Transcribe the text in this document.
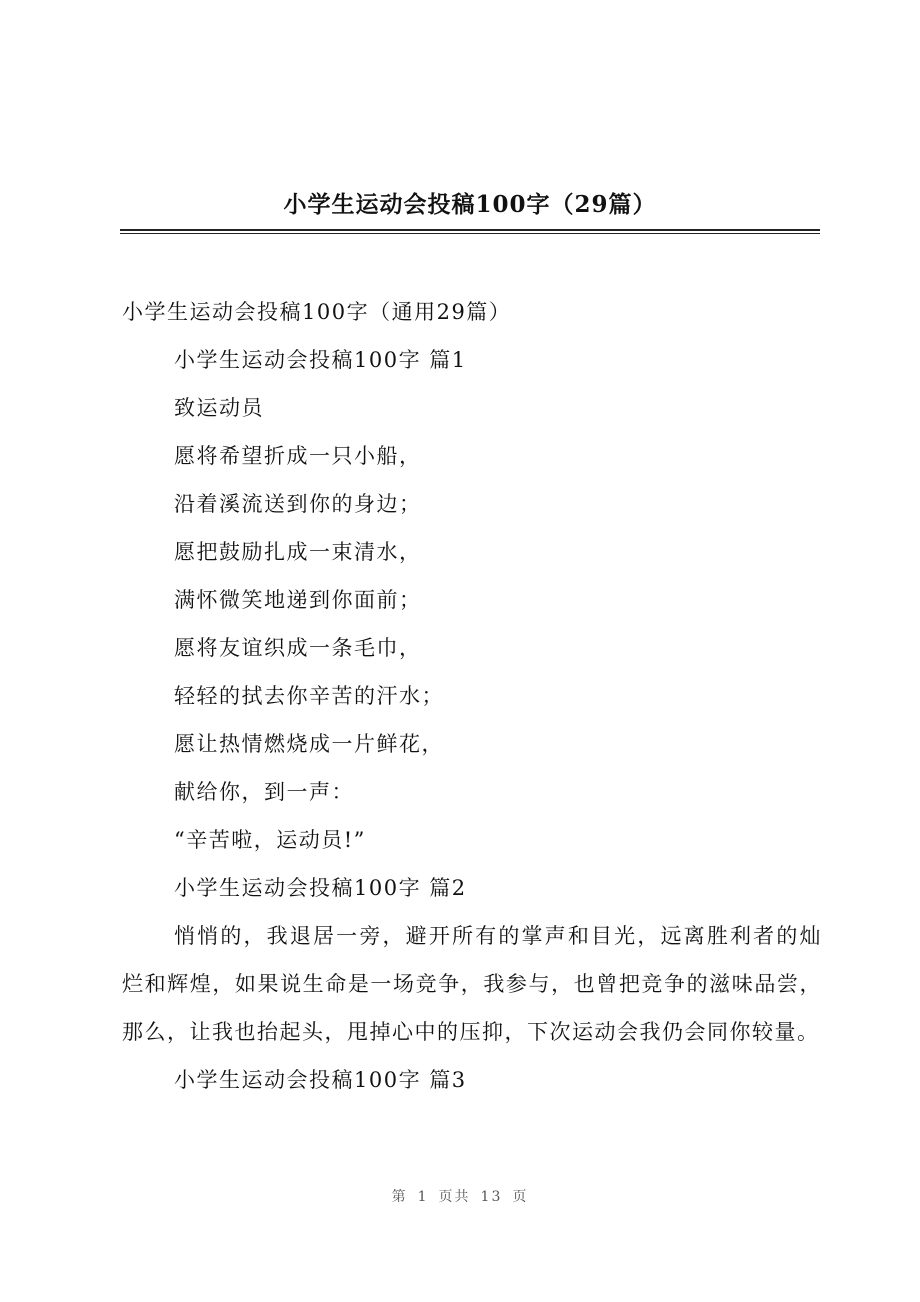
小学生运动会投稿100字（29篇）

小学生运动会投稿100字（通用29篇）

小学生运动会投稿100字 篇1

致运动员

愿将希望折成一只小船，

沿着溪流送到你的身边；

愿把鼓励扎成一束清水，

满怀微笑地递到你面前；

愿将友谊织成一条毛巾，

轻轻的拭去你辛苦的汗水；

愿让热情燃烧成一片鲜花，

献给你，到一声：

“辛苦啦，运动员!”

小学生运动会投稿100字 篇2

悄悄的，我退居一旁，避开所有的掌声和目光，远离胜利者的灿烂和辉煌，如果说生命是一场竞争，我参与，也曾把竞争的滋味品尝，那么，让我也抬起头，甩掉心中的压抑，下次运动会我仍会同你较量。

小学生运动会投稿100字 篇3

第 1 页共 13 页
